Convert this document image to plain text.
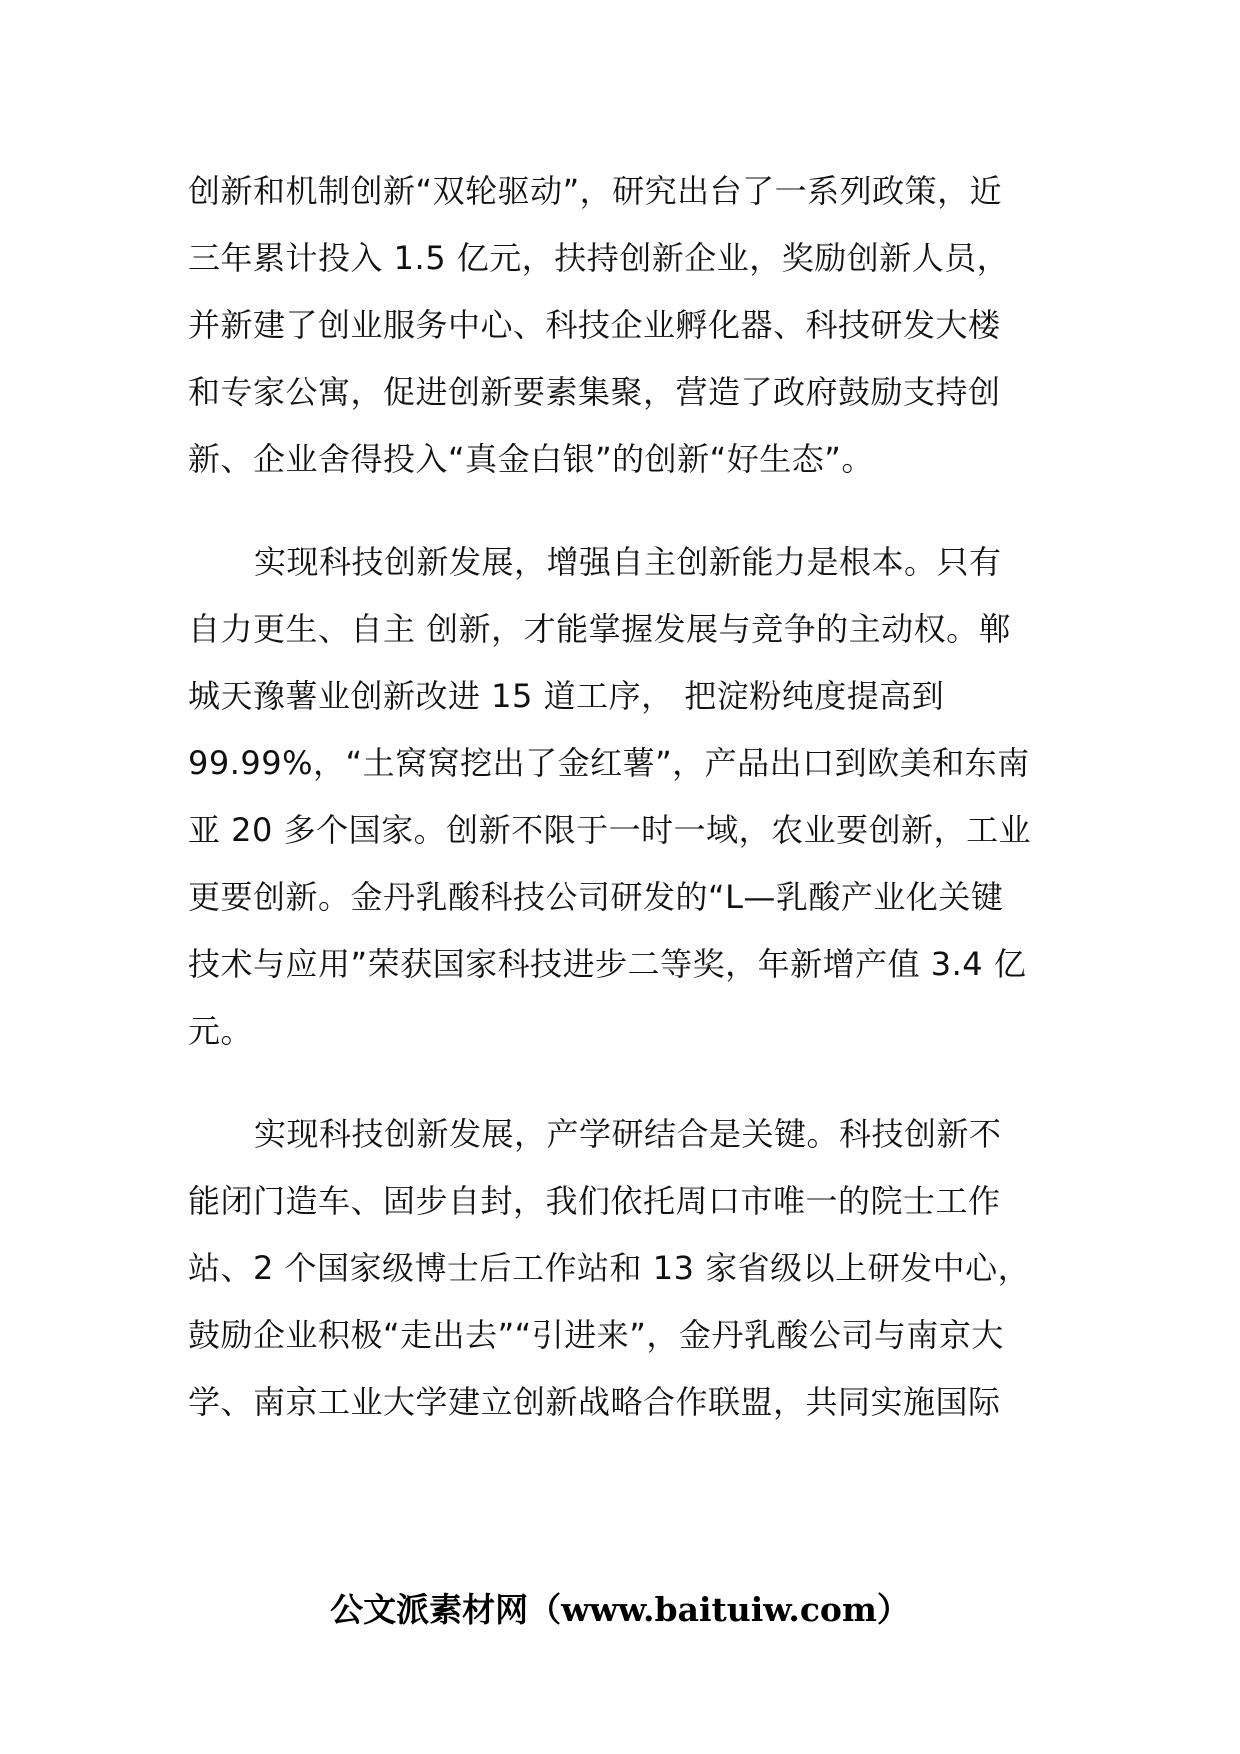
创新和机制创新“双轮驱动”，研究出台了一系列政策，近
三年累计投入 1.5 亿元，扶持创新企业，奖励创新人员，
并新建了创业服务中心、科技企业孵化器、科技研发大楼
和专家公寓，促进创新要素集聚，营造了政府鼓励支持创
新、企业舍得投入“真金白银”的创新“好生态”。
实现科技创新发展，增强自主创新能力是根本。只有
自力更生、自主 创新，才能掌握发展与竞争的主动权。郸
城天豫薯业创新改进 15 道工序， 把淀粉纯度提高到
99.99%，“土窝窝挖出了金红薯”，产品出口到欧美和东南
亚 20 多个国家。创新不限于一时一域，农业要创新，工业
更要创新。金丹乳酸科技公司研发的“L—乳酸产业化关键
技术与应用”荣获国家科技进步二等奖，年新增产值 3.4 亿
元。
实现科技创新发展，产学研结合是关键。科技创新不
能闭门造车、固步自封，我们依托周口市唯一的院士工作
站、2 个国家级博士后工作站和 13 家省级以上研发中心，
鼓励企业积极“走出去”“引进来”，金丹乳酸公司与南京大
学、南京工业大学建立创新战略合作联盟，共同实施国际
公文派素材网（www.baituiw.com）
